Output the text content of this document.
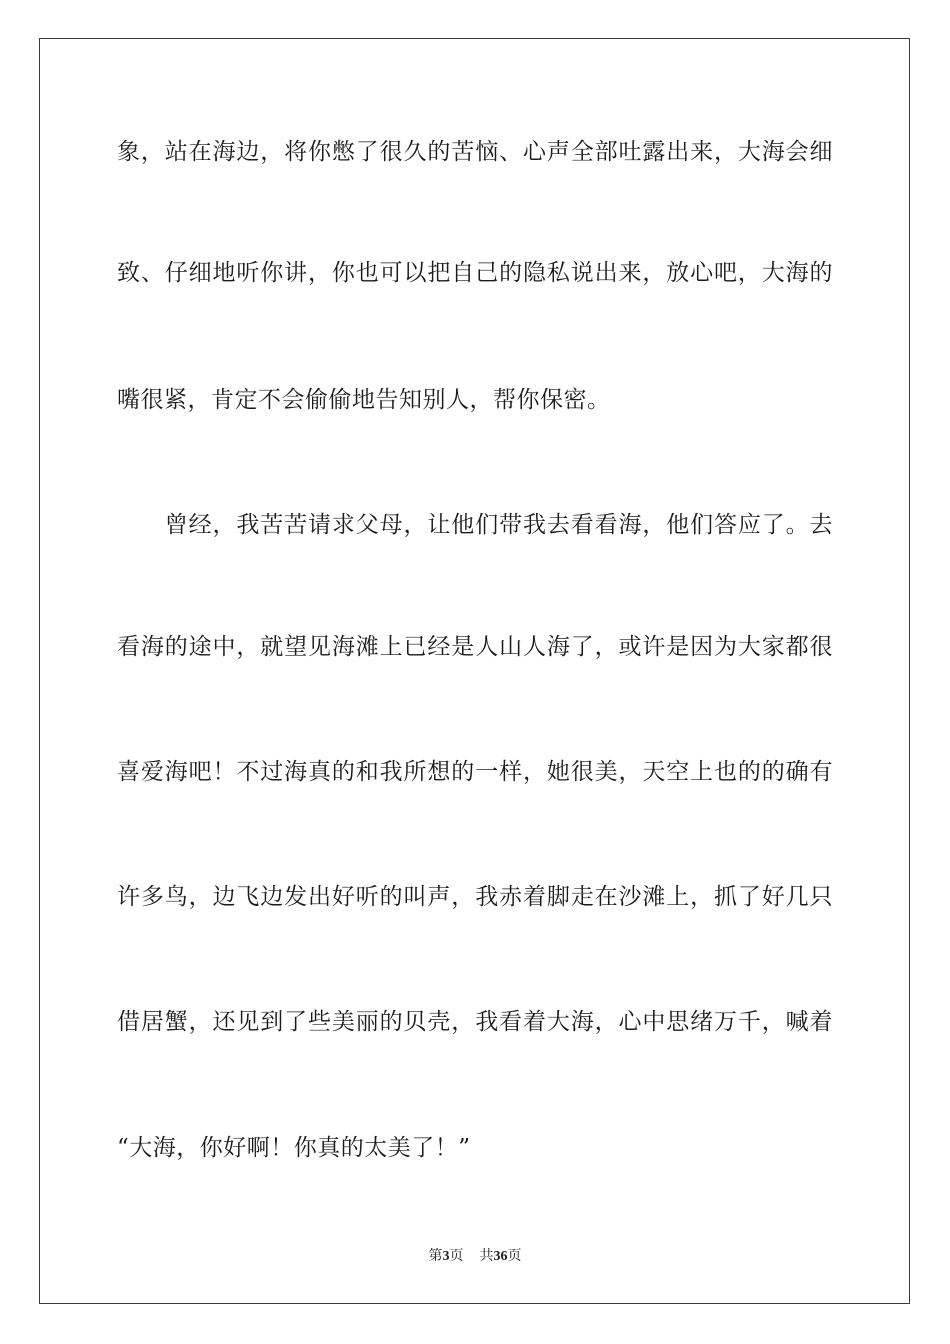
象，站在海边，将你憋了很久的苦恼、心声全部吐露出来，大海会细
致、仔细地听你讲，你也可以把自己的隐私说出来，放心吧，大海的
嘴很紧，肯定不会偷偷地告知别人，帮你保密。
　　曾经，我苦苦请求父母，让他们带我去看看海，他们答应了。去
看海的途中，就望见海滩上已经是人山人海了，或许是因为大家都很
喜爱海吧！不过海真的和我所想的一样，她很美，天空上也的的确有
许多鸟，边飞边发出好听的叫声，我赤着脚走在沙滩上，抓了好几只
借居蟹，还见到了些美丽的贝壳，我看着大海，心中思绪万千，喊着
“大海，你好啊！你真的太美了！”
第3页 共36页
